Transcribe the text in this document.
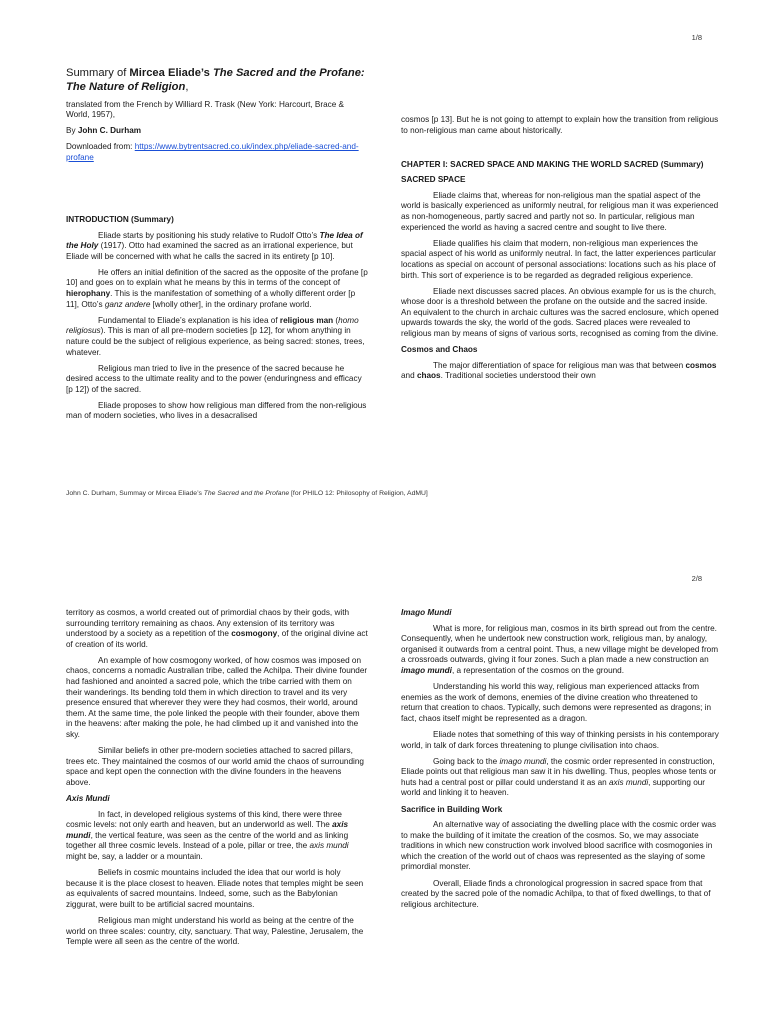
1/8

Summary of Mircea Eliade’s The Sacred and the Profane: The Nature of Religion,

translated from the French by Williard R. Trask (New York: Harcourt, Brace & World, 1957),

By John C. Durham

Downloaded from: https://www.bytrentsacred.co.uk/index.php/eliade-sacred-and-profane

INTRODUCTION (Summary)

Eliade starts by positioning his study relative to Rudolf Otto’s The Idea of the Holy (1917). Otto had examined the sacred as an irrational experience, but Eliade will be concerned with what he calls the sacred in its entirety [p 10].

He offers an initial definition of the sacred as the opposite of the profane [p 10] and goes on to explain what he means by this in terms of the concept of hierophany. This is the manifestation of something of a wholly different order [p 11], Otto’s ganz andere [wholly other], in the ordinary profane world.

Fundamental to Eliade’s explanation is his idea of religious man (homo religiosus). This is man of all pre-modern societies [p 12], for whom anything in nature could be the subject of religious experience, as being sacred: stones, trees, whatever.

Religious man tried to live in the presence of the sacred because he desired access to the ultimate reality and to the power (enduringness and efficacy [p 12]) of the sacred.

Eliade proposes to show how religious man differed from the non-religious man of modern societies, who lives in a desacralised

cosmos [p 13]. But he is not going to attempt to explain how the transition from religious to non-religious man came about historically.

CHAPTER I: SACRED SPACE AND MAKING THE WORLD SACRED (Summary)
SACRED SPACE

Eliade claims that, whereas for non-religious man the spatial aspect of the world is basically experienced as uniformly neutral, for religious man it was experienced as non-homogeneous, partly sacred and partly not so. In particular, religious man experienced the world as having a sacred centre and sought to live there.

Eliade qualifies his claim that modern, non-religious man experiences the spacial aspect of his world as uniformly neutral. In fact, the latter experiences particular locations as special on account of personal associations: locations such as his place of birth. This sort of experience is to be regarded as degraded religious experience.

Eliade next discusses sacred places. An obvious example for us is the church, whose door is a threshold between the profane on the outside and the sacred inside. An equivalent to the church in archaic cultures was the sacred enclosure, which opened upwards towards the sky, the world of the gods. Sacred places were revealed to religious man by means of signs of various sorts, recognised as coming from the divine.

Cosmos and Chaos

The major differentiation of space for religious man was that between cosmos and chaos. Traditional societies understood their own

John C. Durham, Summay or Mircea Eliade’s The Sacred and the Profane [for PHILO 12: Philosophy of Religion, AdMU]
2/8

territory as cosmos, a world created out of primordial chaos by their gods, with surrounding territory remaining as chaos. Any extension of its territory was understood by a society as a repetition of the cosmogony, of the original divine act of creation of its world.

An example of how cosmogony worked, of how cosmos was imposed on chaos, concerns a nomadic Australian tribe, called the Achilpa. Their divine founder had fashioned and anointed a sacred pole, which the tribe carried with them on their wanderings. Its bending told them in which direction to travel and its very presence ensured that wherever they were they had cosmos, their world, around them. At the same time, the pole linked the people with their founder, above them in the heavens: after making the pole, he had climbed up it and vanished into the sky.

Similar beliefs in other pre-modern societies attached to sacred pillars, trees etc. They maintained the cosmos of our world amid the chaos of surrounding space and kept open the connection with the divine founders in the heavens above.

Axis Mundi

In fact, in developed religious systems of this kind, there were three cosmic levels: not only earth and heaven, but an underworld as well. The axis mundi, the vertical feature, was seen as the centre of the world and as linking together all three cosmic levels. Instead of a pole, pillar or tree, the axis mundi might be, say, a ladder or a mountain.

Beliefs in cosmic mountains included the idea that our world is holy because it is the place closest to heaven. Eliade notes that temples might be seen as equivalents of sacred mountains. Indeed, some, such as the Babylonian ziggurat, were built to be artificial sacred mountains.

Religious man might understand his world as being at the centre of the world on three scales: country, city, sanctuary. That way, Palestine, Jerusalem, the Temple were all seen as the centre of the world.

Imago Mundi

What is more, for religious man, cosmos in its birth spread out from the centre. Consequently, when he undertook new construction work, religious man, by analogy, organised it outwards from a central point. Thus, a new village might be developed from a crossroads outwards, giving it four zones. Such a plan made a new construction an imago mundi, a representation of the cosmos on the ground.

Understanding his world this way, religious man experienced attacks from enemies as the work of demons, enemies of the divine creation who threatened to return that creation to chaos. Typically, such demons were represented as dragons; in fact, chaos itself might be represented as a dragon.

Eliade notes that something of this way of thinking persists in his contemporary world, in talk of dark forces threatening to plunge civilisation into chaos.

Going back to the imago mundi, the cosmic order represented in construction, Eliade points out that religious man saw it in his dwelling. Thus, peoples whose tents or huts had a central post or pillar could understand it as an axis mundi, supporting our world and linking it to heaven.

Sacrifice in Building Work

An alternative way of associating the dwelling place with the cosmic order was to make the building of it imitate the creation of the cosmos. So, we may associate traditions in which new construction work involved blood sacrifice with cosmogonies in which the creation of the world out of chaos was represented as the slaying of some primordial monster.

Overall, Eliade finds a chronological progression in sacred space from that created by the sacred pole of the nomadic Achilpa, to that of fixed dwellings, to that of religious architecture.
